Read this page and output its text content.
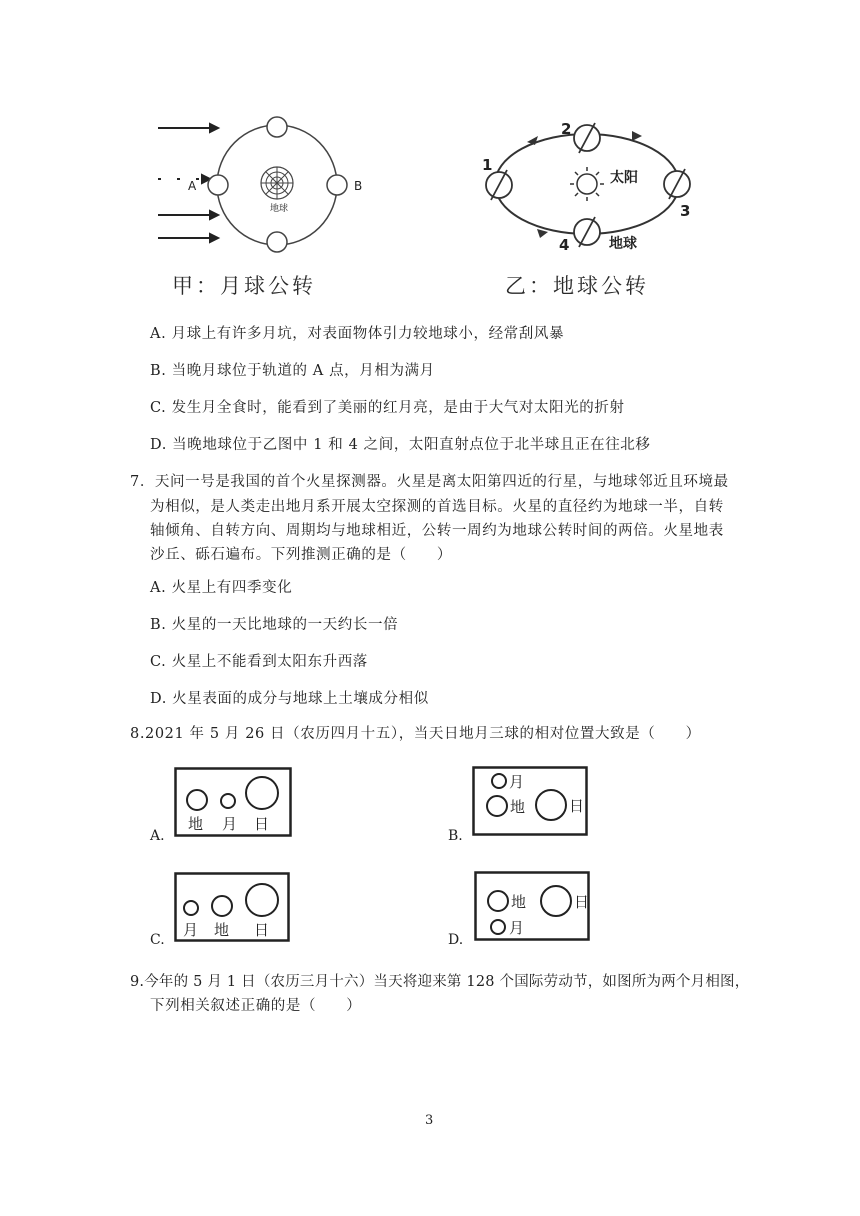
地球
A	B
甲：月球公转
太阳
1
2
3
4	地球
乙：地球公转
A. 月球上有许多月坑，对表面物体引力较地球小，经常刮风暴
B. 当晚月球位于轨道的 A 点，月相为满月
C. 发生月全食时，能看到了美丽的红月亮，是由于大气对太阳光的折射
D. 当晚地球位于乙图中 1 和 4 之间，太阳直射点位于北半球且正在往北移
7．天问一号是我国的首个火星探测器。火星是离太阳第四近的行星，与地球邻近且环境最
为相似，是人类走出地月系开展太空探测的首选目标。火星的直径约为地球一半，自转
轴倾角、自转方向、周期均与地球相近，公转一周约为地球公转时间的两倍。火星地表
沙丘、砾石遍布。下列推测正确的是（　　）
A. 火星上有四季变化
B. 火星的一天比地球的一天约长一倍
C. 火星上不能看到太阳东升西落
D. 火星表面的成分与地球上土壤成分相似
8.2021 年 5 月 26 日（农历四月十五），当天日地月三球的相对位置大致是（　　）
A.
地 月 日
B.
月
地	日
C.
月 地 日
D.
地
月
日
9.今年的 5 月 1 日（农历三月十六）当天将迎来第 128 个国际劳动节，如图所为两个月相图，
下列相关叙述正确的是（　　）
3
